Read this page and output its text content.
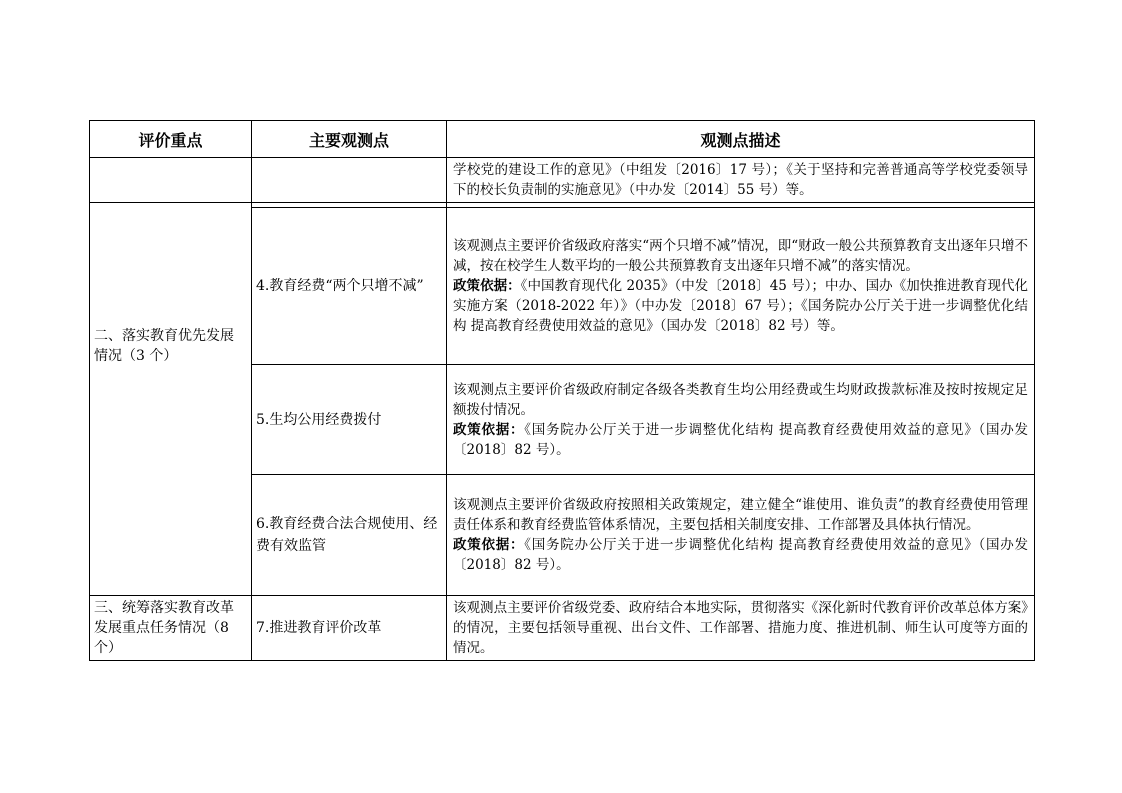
评价重点	主要观测点	观测点描述

		学校党的建设工作的意见》（中组发〔2016〕17 号）；《关于坚持和完善普通高等学校党委领导下的校长负责制的实施意见》（中办发〔2014〕55 号）等。

二、落实教育优先发展情况（3 个）	4.教育经费“两个只增不减”	该观测点主要评价省级政府落实“两个只增不减”情况，即“财政一般公共预算教育支出逐年只增不减，按在校学生人数平均的一般公共预算教育支出逐年只增不减”的落实情况。
政策依据：《中国教育现代化 2035》（中发〔2018〕45 号）；中办、国办《加快推进教育现代化实施方案（2018-2022 年）》（中办发〔2018〕67 号）；《国务院办公厅关于进一步调整优化结构 提高教育经费使用效益的意见》（国办发〔2018〕82 号）等。

	5.生均公用经费拨付	该观测点主要评价省级政府制定各级各类教育生均公用经费或生均财政拨款标准及按时按规定足额拨付情况。
政策依据：《国务院办公厅关于进一步调整优化结构 提高教育经费使用效益的意见》（国办发〔2018〕82 号）。

	6.教育经费合法合规使用、经费有效监管	该观测点主要评价省级政府按照相关政策规定，建立健全“谁使用、谁负责”的教育经费使用管理责任体系和教育经费监管体系情况，主要包括相关制度安排、工作部署及具体执行情况。
政策依据：《国务院办公厅关于进一步调整优化结构 提高教育经费使用效益的意见》（国办发〔2018〕82 号）。

三、统筹落实教育改革发展重点任务情况（8 个）	7.推进教育评价改革	该观测点主要评价省级党委、政府结合本地实际，贯彻落实《深化新时代教育评价改革总体方案》的情况，主要包括领导重视、出台文件、工作部署、措施力度、推进机制、师生认可度等方面的情况。
